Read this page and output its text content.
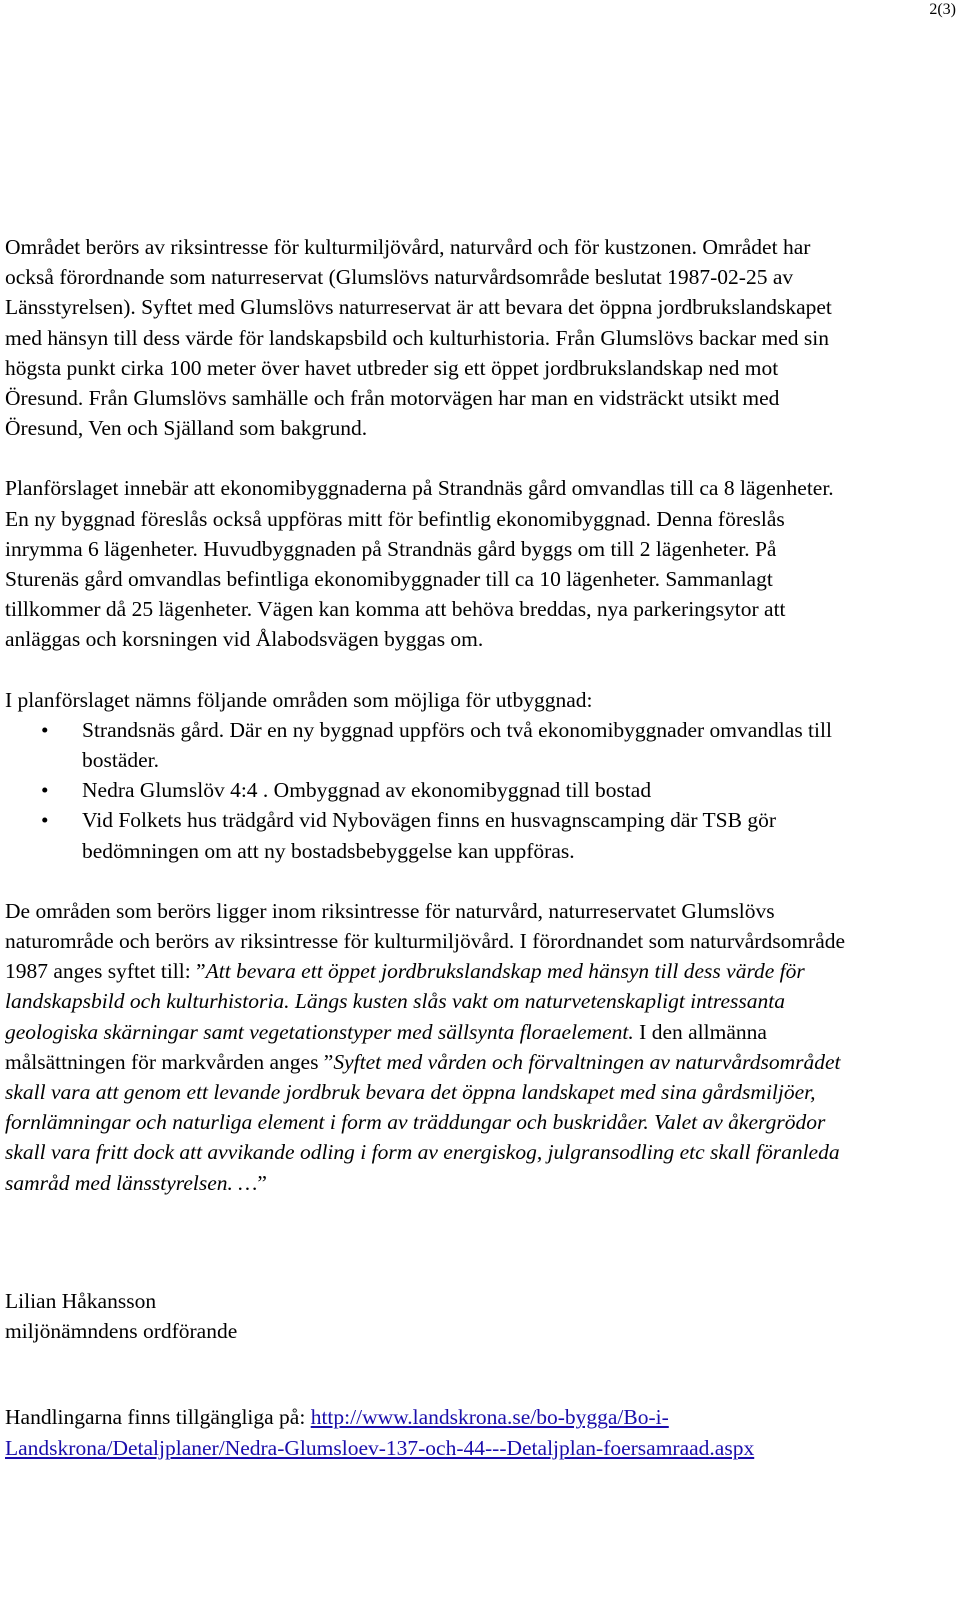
2(3)

Området berörs av riksintresse för kulturmiljövård, naturvård och för kustzonen. Området har också förordnande som naturreservat (Glumslövs naturvårdsområde beslutat 1987-02-25 av Länsstyrelsen). Syftet med Glumslövs naturreservat är att bevara det öppna jordbrukslandskapet med hänsyn till dess värde för landskapsbild och kulturhistoria. Från Glumslövs backar med sin högsta punkt cirka 100 meter över havet utbreder sig ett öppet jordbrukslandskap ned mot Öresund. Från Glumslövs samhälle och från motorvägen har man en vidsträckt utsikt med Öresund, Ven och Själland som bakgrund.

Planförslaget innebär att ekonomibyggnaderna på Strandnäs gård omvandlas till ca 8 lägenheter. En ny byggnad föreslås också uppföras mitt för befintlig ekonomibyggnad. Denna föreslås inrymma 6 lägenheter. Huvudbyggnaden på Strandnäs gård byggs om till 2 lägenheter. På Sturenäs gård omvandlas befintliga ekonomibyggnader till ca 10 lägenheter. Sammanlagt tillkommer då 25 lägenheter. Vägen kan komma att behöva breddas, nya parkeringsytor att anläggas och korsningen vid Ålabodsvägen byggas om.

I planförslaget nämns följande områden som möjliga för utbyggnad:

• Strandsnäs gård. Där en ny byggnad uppförs och två ekonomibyggnader omvandlas till bostäder.
• Nedra Glumslöv 4:4 . Ombyggnad av ekonomibyggnad till bostad
• Vid Folkets hus trädgård vid Nybovägen finns en husvagnscamping där TSB gör bedömningen om att ny bostadsbebyggelse kan uppföras.

De områden som berörs ligger inom riksintresse för naturvård, naturreservatet Glumslövs naturområde och berörs av riksintresse för kulturmiljövård. I förordnandet som naturvårdsområde 1987 anges syftet till: ”Att bevara ett öppet jordbrukslandskap med hänsyn till dess värde för landskapsbild och kulturhistoria. Längs kusten slås vakt om naturvetenskapligt intressanta geologiska skärningar samt vegetationstyper med sällsynta floraelement. I den allmänna målsättningen för markvården anges ”Syftet med vården och förvaltningen av naturvårdsområdet skall vara att genom ett levande jordbruk bevara det öppna landskapet med sina gårdsmiljöer, fornlämningar och naturliga element i form av träddungar och buskridåer. Valet av åkergrödor skall vara fritt dock att avvikande odling i form av energiskog, julgransodling etc skall föranleda samråd med länsstyrelsen. …”

Lilian Håkansson

miljönämndens ordförande

Handlingarna finns tillgängliga på: http://www.landskrona.se/bo-bygga/Bo-i-Landskrona/Detaljplaner/Nedra-Glumsloev-137-och-44---Detaljplan-foersamraad.aspx
